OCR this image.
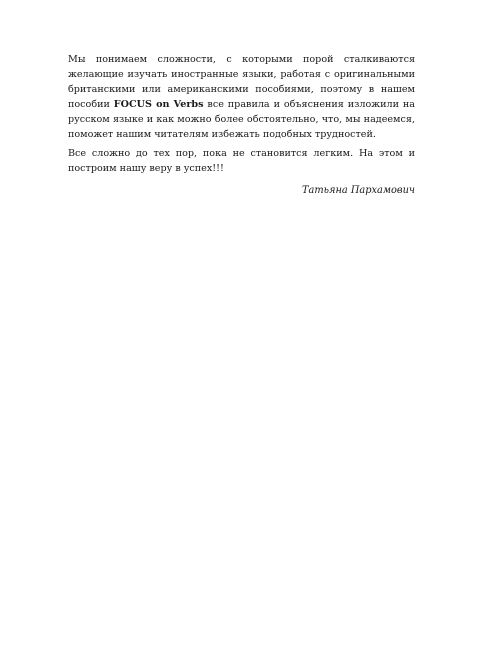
Мы понимаем сложности, с которыми порой сталкиваются желающие изучать иностранные языки, работая с оригинальными британскими или американскими пособиями, поэтому в нашем пособии FOCUS on Verbs все правила и объяснения изложили на русском языке и как можно более обстоятельно, что, мы надеемся, поможет нашим читателям избежать подобных трудностей.

Все сложно до тех пор, пока не становится легким. На этом и построим нашу веру в успех!!!

Татьяна Пархамович
